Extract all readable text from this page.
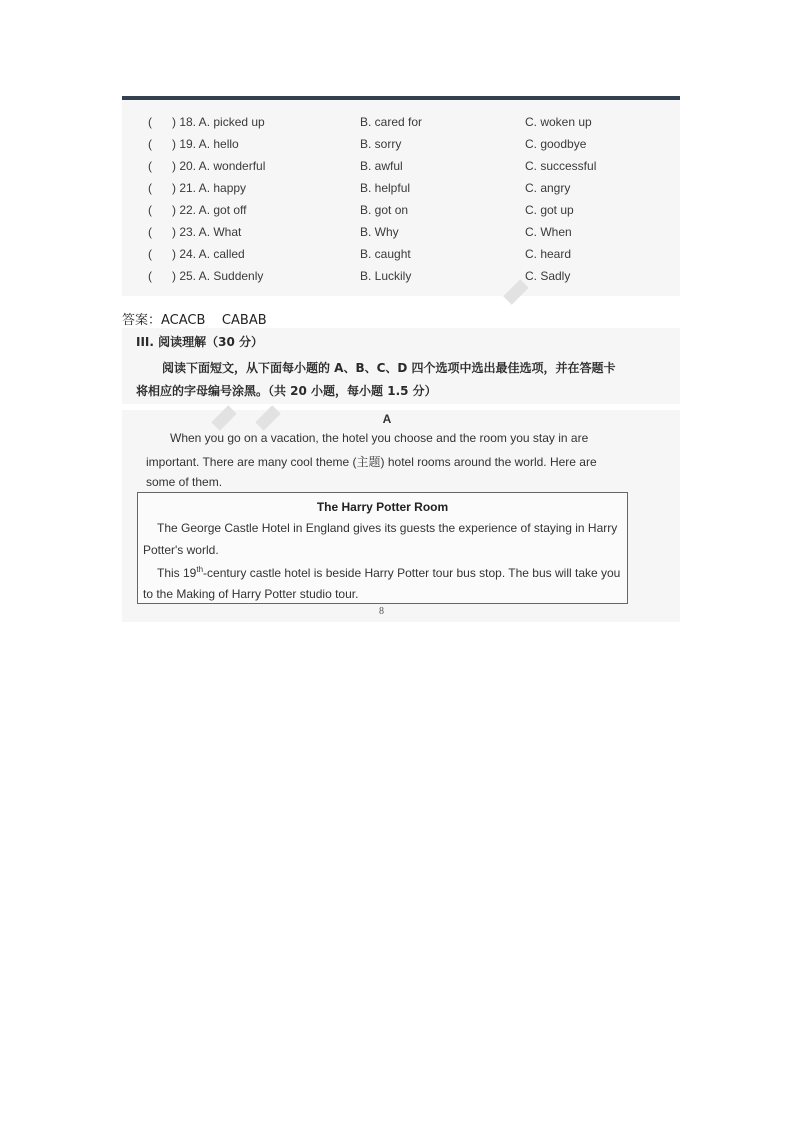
( ) 18. A. picked up	B. cared for	C. woken up
( ) 19. A. hello	B. sorry	C. goodbye
( ) 20. A. wonderful	B. awful	C. successful
( ) 21. A. happy	B. helpful	C. angry
( ) 22. A. got off	B. got on	C. got up
( ) 23. A. What	B. Why	C. When
( ) 24. A. called	B. caught	C. heard
( ) 25. A. Suddenly	B. Luckily	C. Sadly
答案：ACACB    CABAB
III. 阅读理解（30 分）
阅读下面短文，从下面每小题的 A、B、C、D 四个选项中选出最佳选项，并在答题卡
将相应的字母编号涂黑。（共 20 小题，每小题 1.5 分）
A
When you go on a vacation, the hotel you choose and the room you stay in are
important. There are many cool theme (主题) hotel rooms around the world. Here are
some of them.
The Harry Potter Room
The George Castle Hotel in England gives its guests the experience of staying in Harry
Potter's world.
This 19th-century castle hotel is beside Harry Potter tour bus stop. The bus will take you
to the Making of Harry Potter studio tour.
8
